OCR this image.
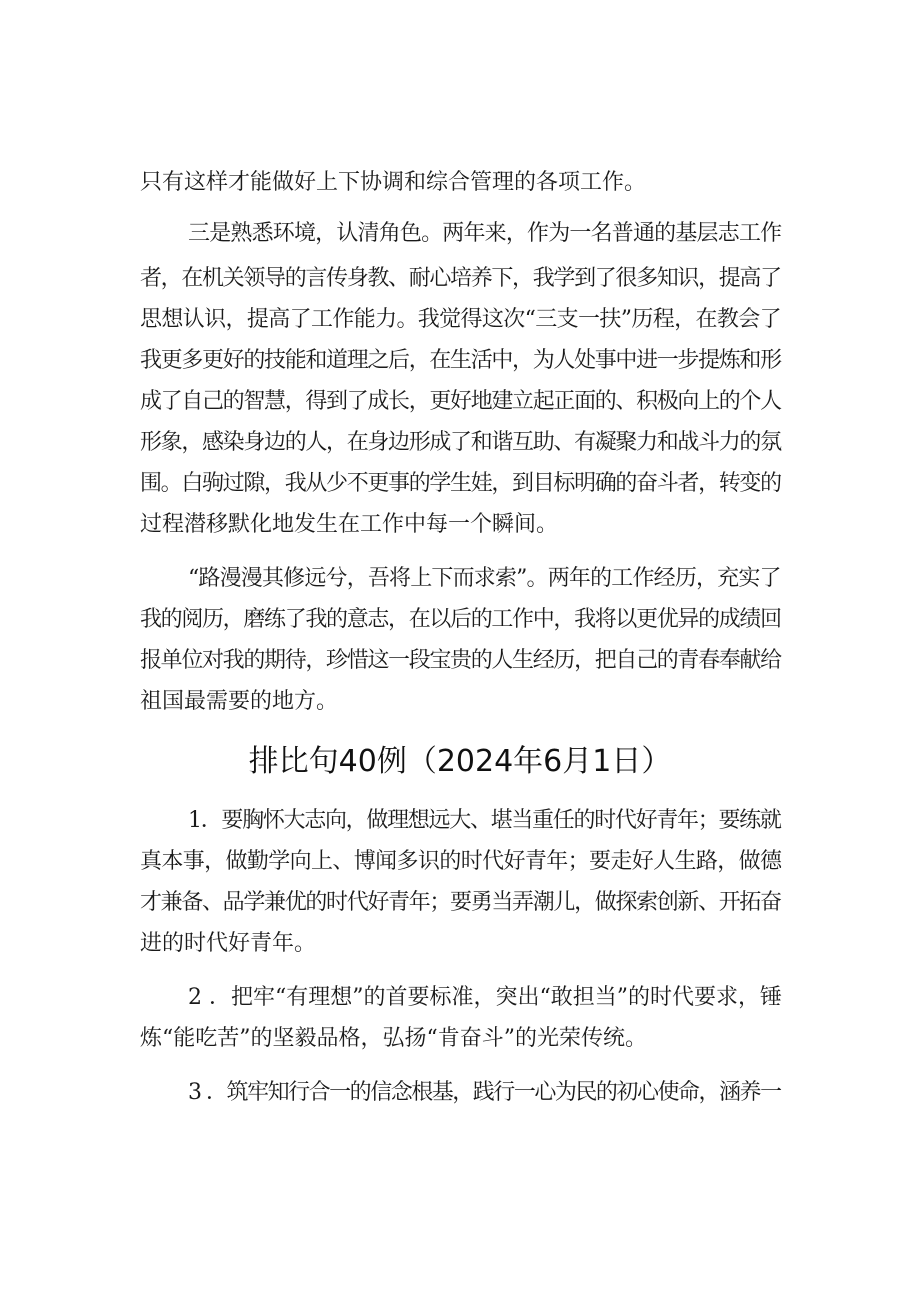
只有这样才能做好上下协调和综合管理的各项工作。
三是熟悉环境，认清角色。两年来，作为一名普通的基层志工作
者，在机关领导的言传身教、耐心培养下，我学到了很多知识，提高了
思想认识，提高了工作能力。我觉得这次“三支一扶”历程，在教会了
我更多更好的技能和道理之后，在生活中，为人处事中进一步提炼和形
成了自己的智慧，得到了成长，更好地建立起正面的、积极向上的个人
形象，感染身边的人，在身边形成了和谐互助、有凝聚力和战斗力的氛
围。白驹过隙，我从少不更事的学生娃，到目标明确的奋斗者，转变的
过程潜移默化地发生在工作中每一个瞬间。
“路漫漫其修远兮，吾将上下而求索”。两年的工作经历，充实了
我的阅历，磨练了我的意志，在以后的工作中，我将以更优异的成绩回
报单位对我的期待，珍惜这一段宝贵的人生经历，把自己的青春奉献给
祖国最需要的地方。
排比句40例（2024年6月1日）
1．要胸怀大志向，做理想远大、堪当重任的时代好青年；要练就
真本事，做勤学向上、博闻多识的时代好青年；要走好人生路，做德
才兼备、品学兼优的时代好青年；要勇当弄潮儿，做探索创新、开拓奋
进的时代好青年。
2 ．把牢“有理想”的首要标准，突出“敢担当”的时代要求，锤
炼“能吃苦”的坚毅品格，弘扬“肯奋斗”的光荣传统。
3 ．筑牢知行合一的信念根基，践行一心为民的初心使命，涵养一
